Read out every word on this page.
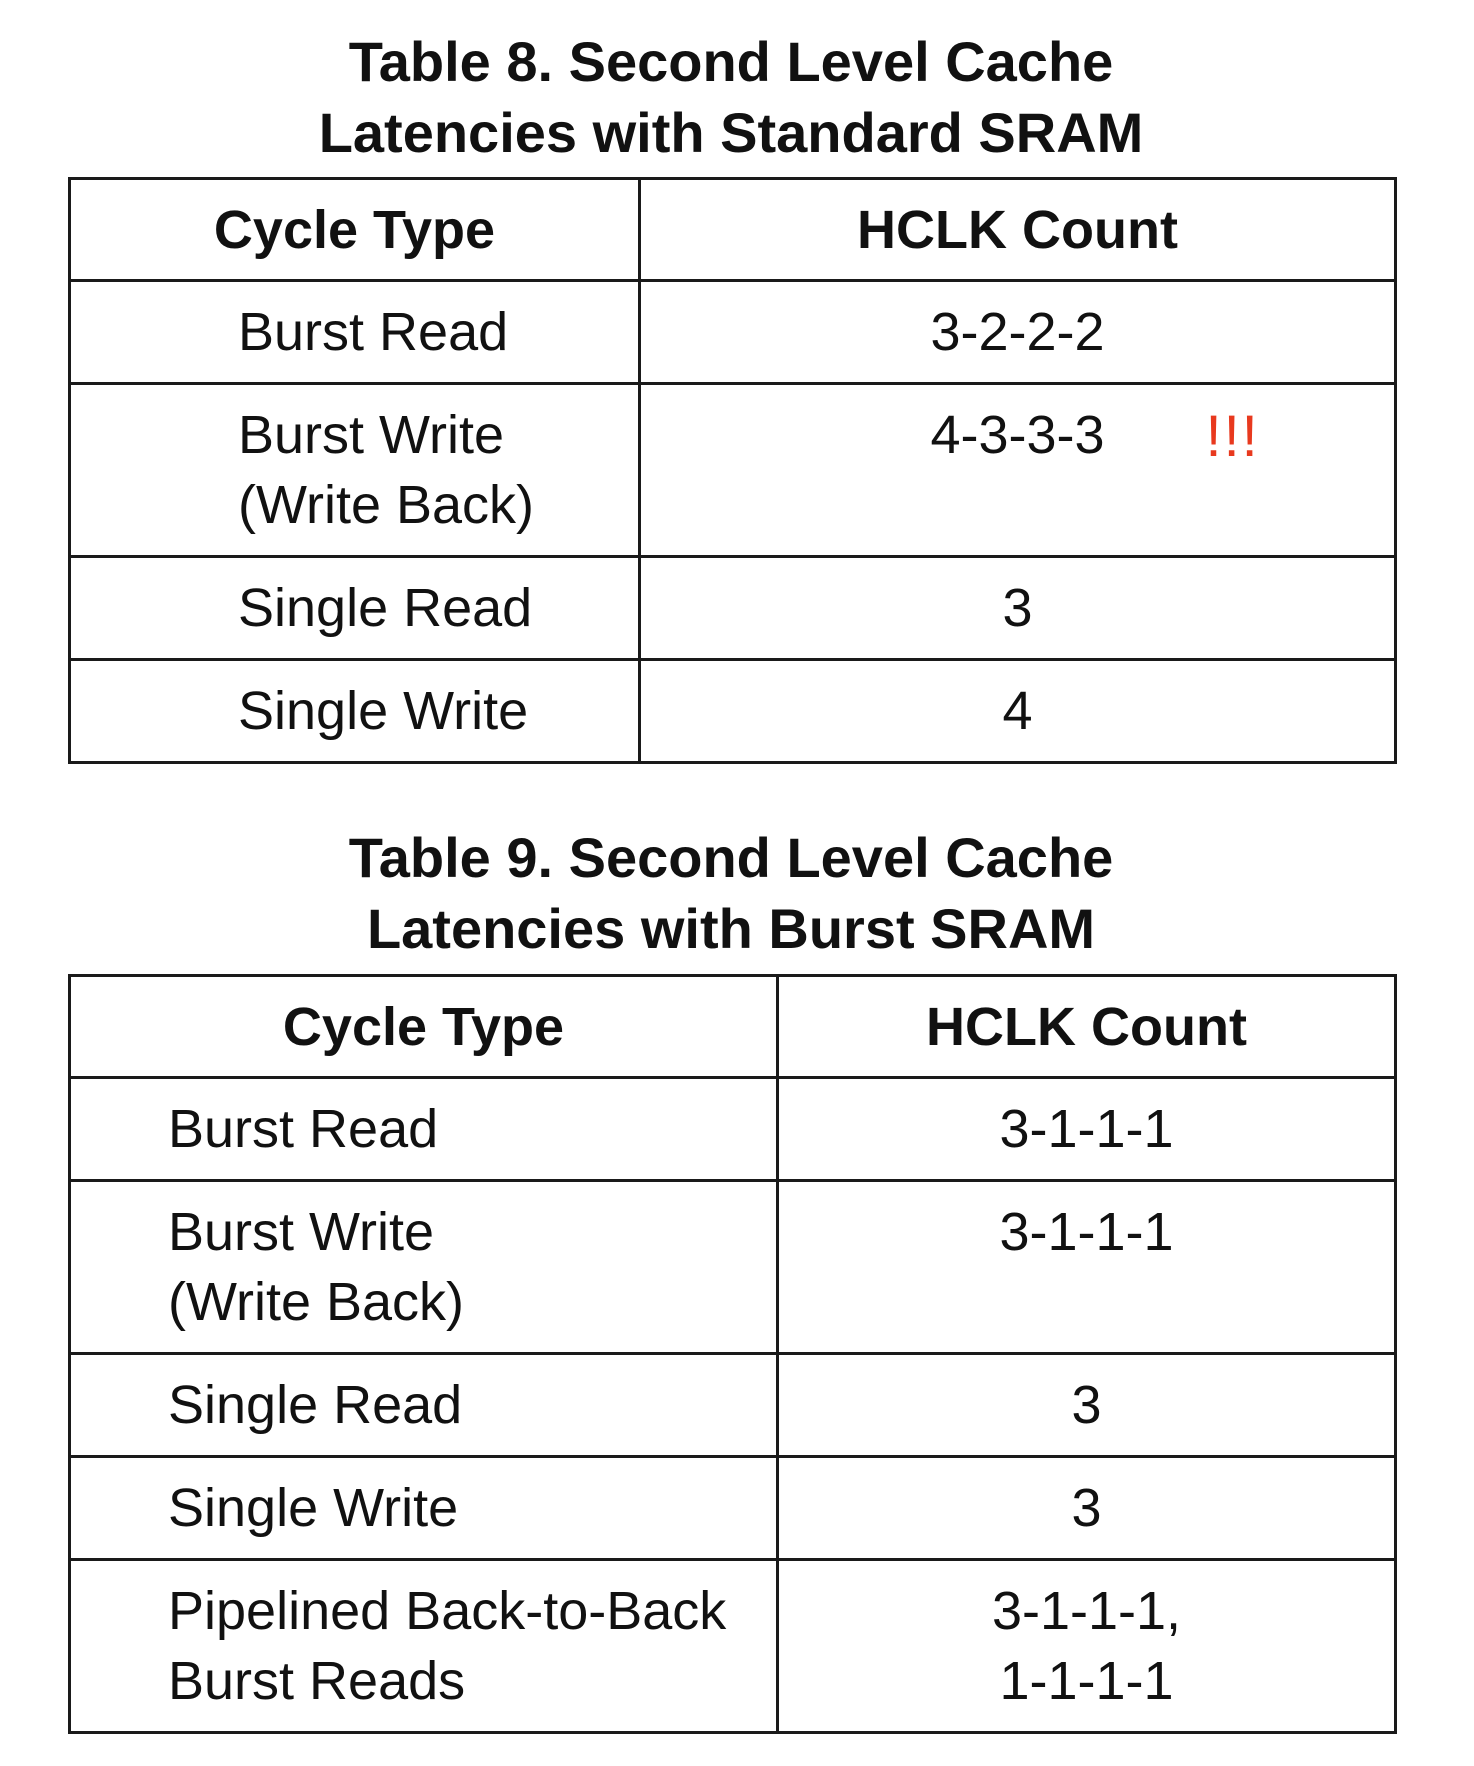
Table 8. Second Level Cache
Latencies with Standard SRAM
Cycle Type	HCLK Count

Burst Read	3-2-2-2

Burst Write
(Write Back)	4-3-3-3 !!!

Single Read	3

Single Write	4
Table 9. Second Level Cache
Latencies with Burst SRAM
Cycle Type	HCLK Count

Burst Read	3-1-1-1

Burst Write
(Write Back)	3-1-1-1

Single Read	3

Single Write	3

Pipelined Back-to-Back
Burst Reads	3-1-1-1,
1-1-1-1
